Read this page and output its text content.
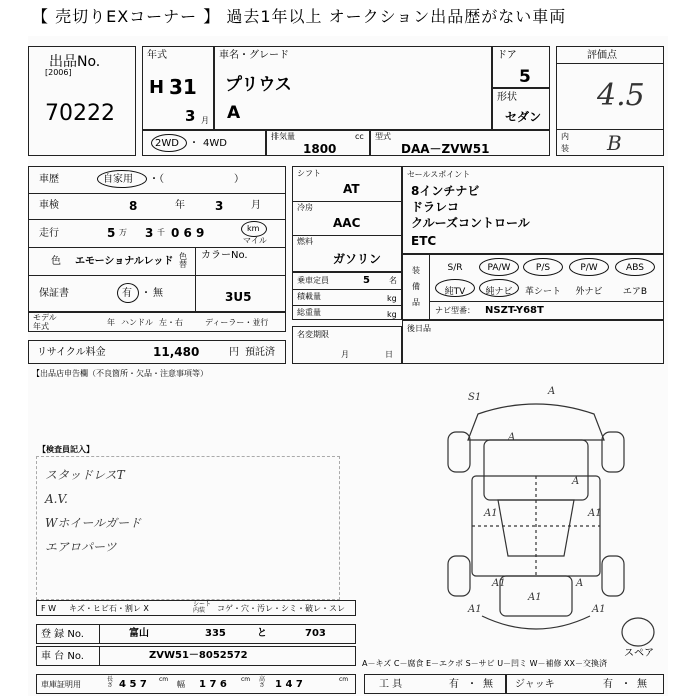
【 売切りEXコーナー 】 過去1年以上 オークション出品歴がない車両
出品No.
[2006]
70222
年式
H 31
3 月
車名・グレード
プリウス
A
ドア
5
形状
セダン
評価点
4.5
内
装 B
2WD ・ 4WD
排気量	cc
1800
型式
DAA－ZVW51
車歴	自家用 ・（　　　　　　　）
車検	8	年	3	月
走行	5 万 3 千 0 6 9	km
マイル
色 エモーショナルレッド 色替
カラーNo.
3U5
保証書	有 ・ 無
モデル
年式	年 ハンドル 左・右	ディーラー・並行
リサイクル料金	11,480	円 預託済
【出品店申告欄（不良箇所・欠品・注意事項等）
シフト
AT
冷房
AAC
燃料
ガソリン
乗車定員	5 名
積載量	kg
総重量	kg
名変期限
月	日
セールスポイント
8インチナビ
ドラレコ
クルーズコントロール
ETC
装
備
品
S/R	PA/W	P/S	P/W	ABS
純TV	純ナビ	革シート	外ナビ	エアB
ナビ型番： NSZT-Y68T
後日品
【検査員記入】
スタッドレスT
A.V.
Wホイールガード
エアロパーツ
S1
A
A
A1	A1
A1	A
A1
A1	A1
A
スペア
F W キズ・ヒビ石・割レ X	シート内装	コゲ・穴・汚レ・シミ・破レ・スレ
登 録 No.	富山	335	と	703
車 台 No.	ZVW51－8052572
A－キズ C－腐食 E－エクボ S－サビ U－凹ミ W－補修 XX－交換済
車庫証明用
長さ 4 5 7 cm
幅 1 7 6 cm 高さ 1 4 7	cm	工 具	有 ・ 無 ジャッキ	有 ・ 無
